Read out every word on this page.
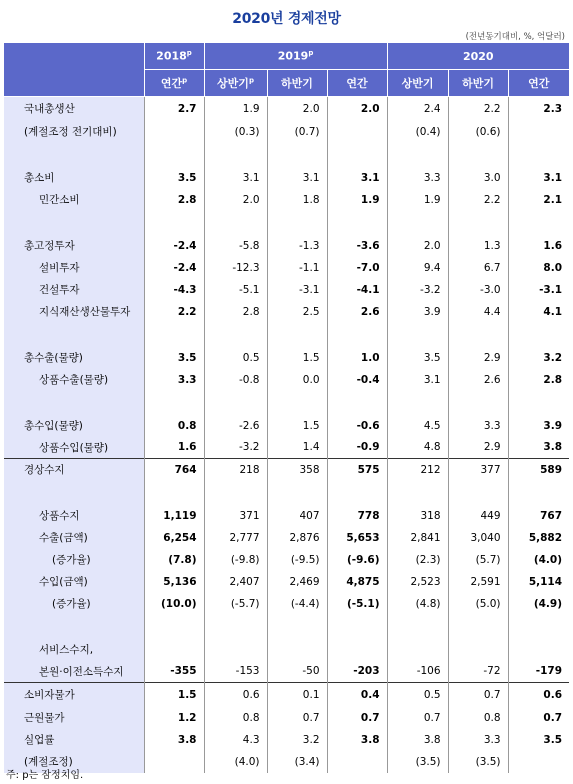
2020년 경제전망
(전년동기대비, %, 억달러)
	2018$^p$	2019$^p$			2020		
	연간$^p$	상반기$^p$	하반기	연간	상반기	하반기	연간
국내총생산	2.7	1.9	2.0	2.0	2.4	2.2	2.3
(계절조정 전기대비)		(0.3)	(0.7)		(0.4)	(0.6)	

총소비	3.5	3.1	3.1	3.1	3.3	3.0	3.1
민간소비	2.8	2.0	1.8	1.9	1.9	2.2	2.1

총고정투자	-2.4	-5.8	-1.3	-3.6	2.0	1.3	1.6
설비투자	-2.4	-12.3	-1.1	-7.0	9.4	6.7	8.0
건설투자	-4.3	-5.1	-3.1	-4.1	-3.2	-3.0	-3.1
지식재산생산물투자	2.2	2.8	2.5	2.6	3.9	4.4	4.1

총수출(물량)	3.5	0.5	1.5	1.0	3.5	2.9	3.2
상품수출(물량)	3.3	-0.8	0.0	-0.4	3.1	2.6	2.8

총수입(물량)	0.8	-2.6	1.5	-0.6	4.5	3.3	3.9
상품수입(물량)	1.6	-3.2	1.4	-0.9	4.8	2.9	3.8
경상수지	764	218	358	575	212	377	589

상품수지	1,119	371	407	778	318	449	767
수출(금액)	6,254	2,777	2,876	5,653	2,841	3,040	5,882
(증가율)	(7.8)	(-9.8)	(-9.5)	(-9.6)	(2.3)	(5.7)	(4.0)
수입(금액)	5,136	2,407	2,469	4,875	2,523	2,591	5,114
(증가율)	(10.0)	(-5.7)	(-4.4)	(-5.1)	(4.8)	(5.0)	(4.9)

서비스수지,							
본원·이전소득수지	-355	-153	-50	-203	-106	-72	-179
소비자물가	1.5	0.6	0.1	0.4	0.5	0.7	0.6
근원물가	1.2	0.8	0.7	0.7	0.7	0.8	0.7
실업률	3.8	4.3	3.2	3.8	3.8	3.3	3.5
(계절조정)		(4.0)	(3.4)		(3.5)	(3.5)	
주: p는 잠정치임.
